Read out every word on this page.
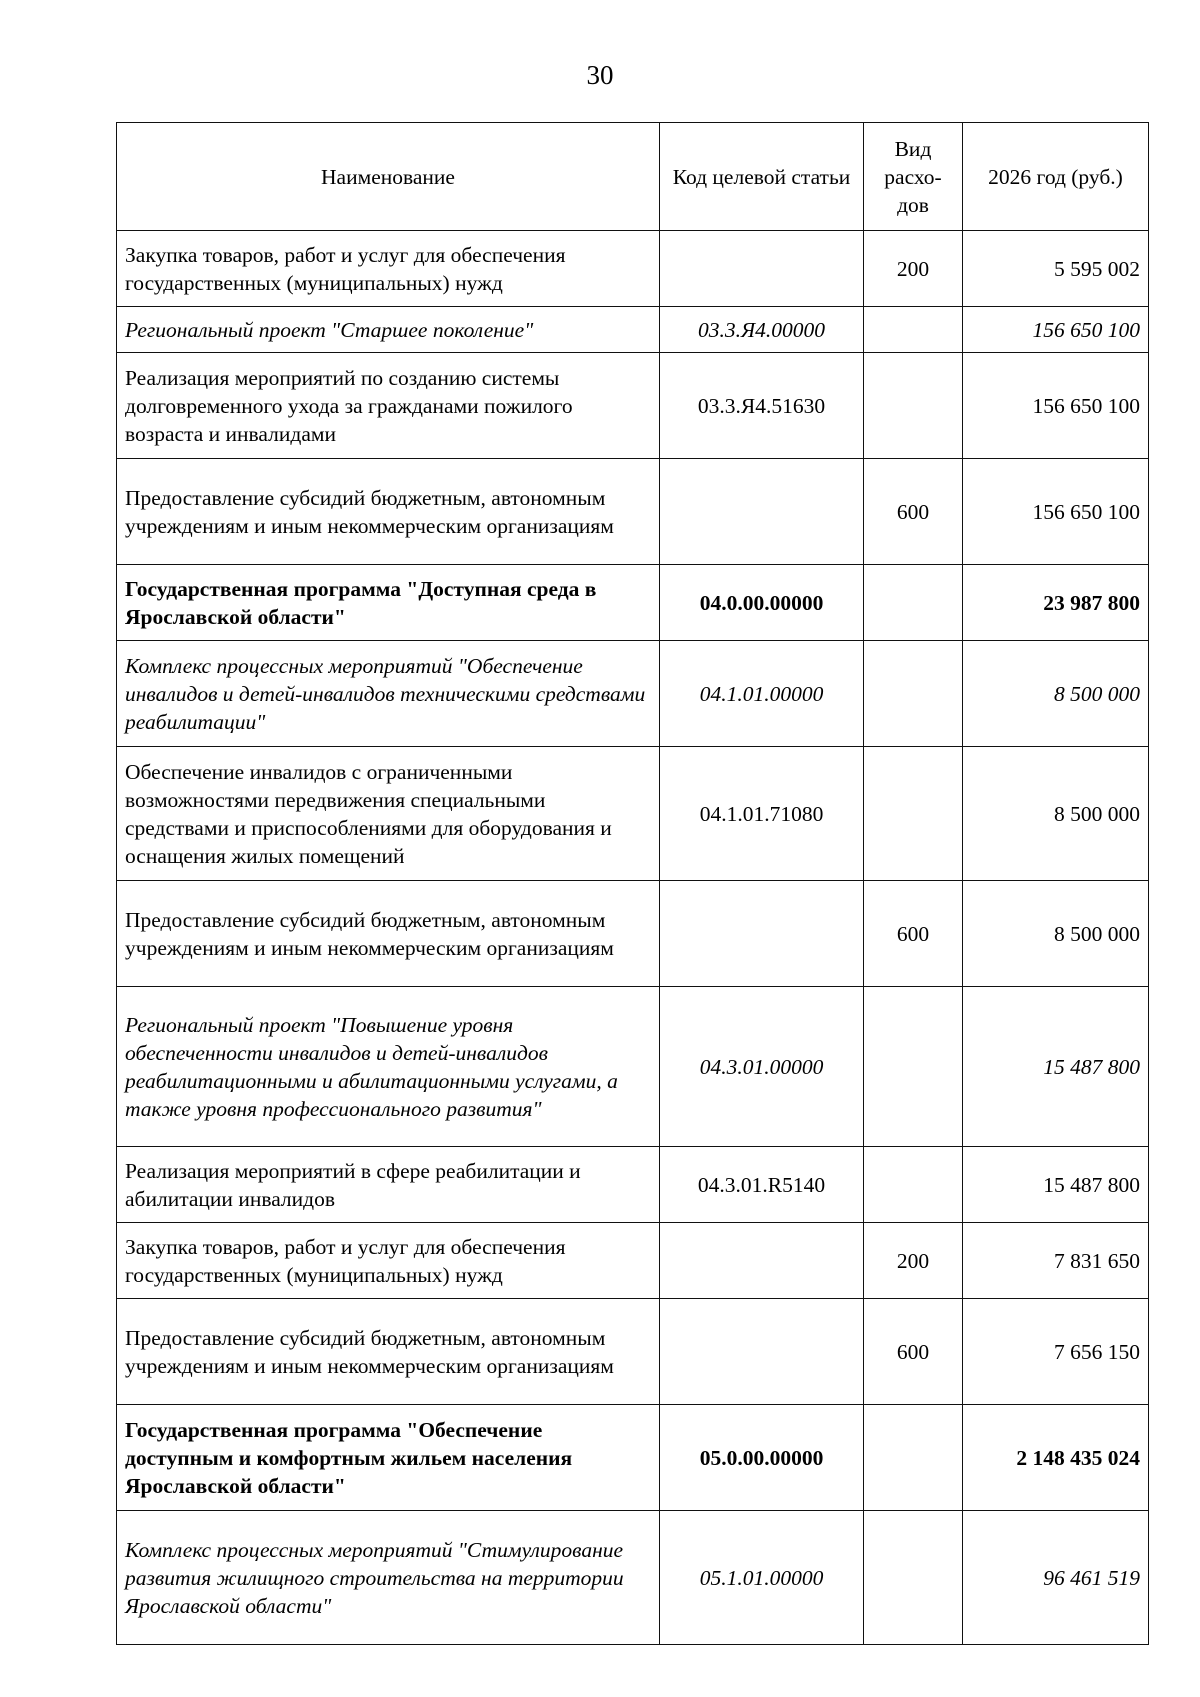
30
Наименование	Код целевой статьи	Вид расхо-дов	2026 год (руб.)
Закупка товаров, работ и услуг для обеспечения государственных (муниципальных) нужд		200	5 595 002
Региональный проект "Старшее поколение"	03.3.Я4.00000		156 650 100
Реализация мероприятий по созданию системы долговременного ухода за гражданами пожилого возраста и инвалидами	03.3.Я4.51630		156 650 100
Предоставление субсидий бюджетным, автономным учреждениям и иным некоммерческим организациям		600	156 650 100
Государственная программа "Доступная среда в Ярославской области"	04.0.00.00000		23 987 800
Комплекс процессных мероприятий "Обеспечение инвалидов и детей-инвалидов техническими средствами реабилитации"	04.1.01.00000		8 500 000
Обеспечение инвалидов с ограниченными возможностями передвижения специальными средствами и приспособлениями для оборудования и оснащения жилых помещений	04.1.01.71080		8 500 000
Предоставление субсидий бюджетным, автономным учреждениям и иным некоммерческим организациям		600	8 500 000
Региональный проект "Повышение уровня обеспеченности инвалидов и детей-инвалидов реабилитационными и абилитационными услугами, а также уровня профессионального развития"	04.3.01.00000		15 487 800
Реализация мероприятий в сфере реабилитации и абилитации инвалидов	04.3.01.R5140		15 487 800
Закупка товаров, работ и услуг для обеспечения государственных (муниципальных) нужд		200	7 831 650
Предоставление субсидий бюджетным, автономным учреждениям и иным некоммерческим организациям		600	7 656 150
Государственная программа "Обеспечение доступным и комфортным жильем населения Ярославской области"	05.0.00.00000		2 148 435 024
Комплекс процессных мероприятий "Стимулирование развития жилищного строительства на территории Ярославской области"	05.1.01.00000		96 461 519
